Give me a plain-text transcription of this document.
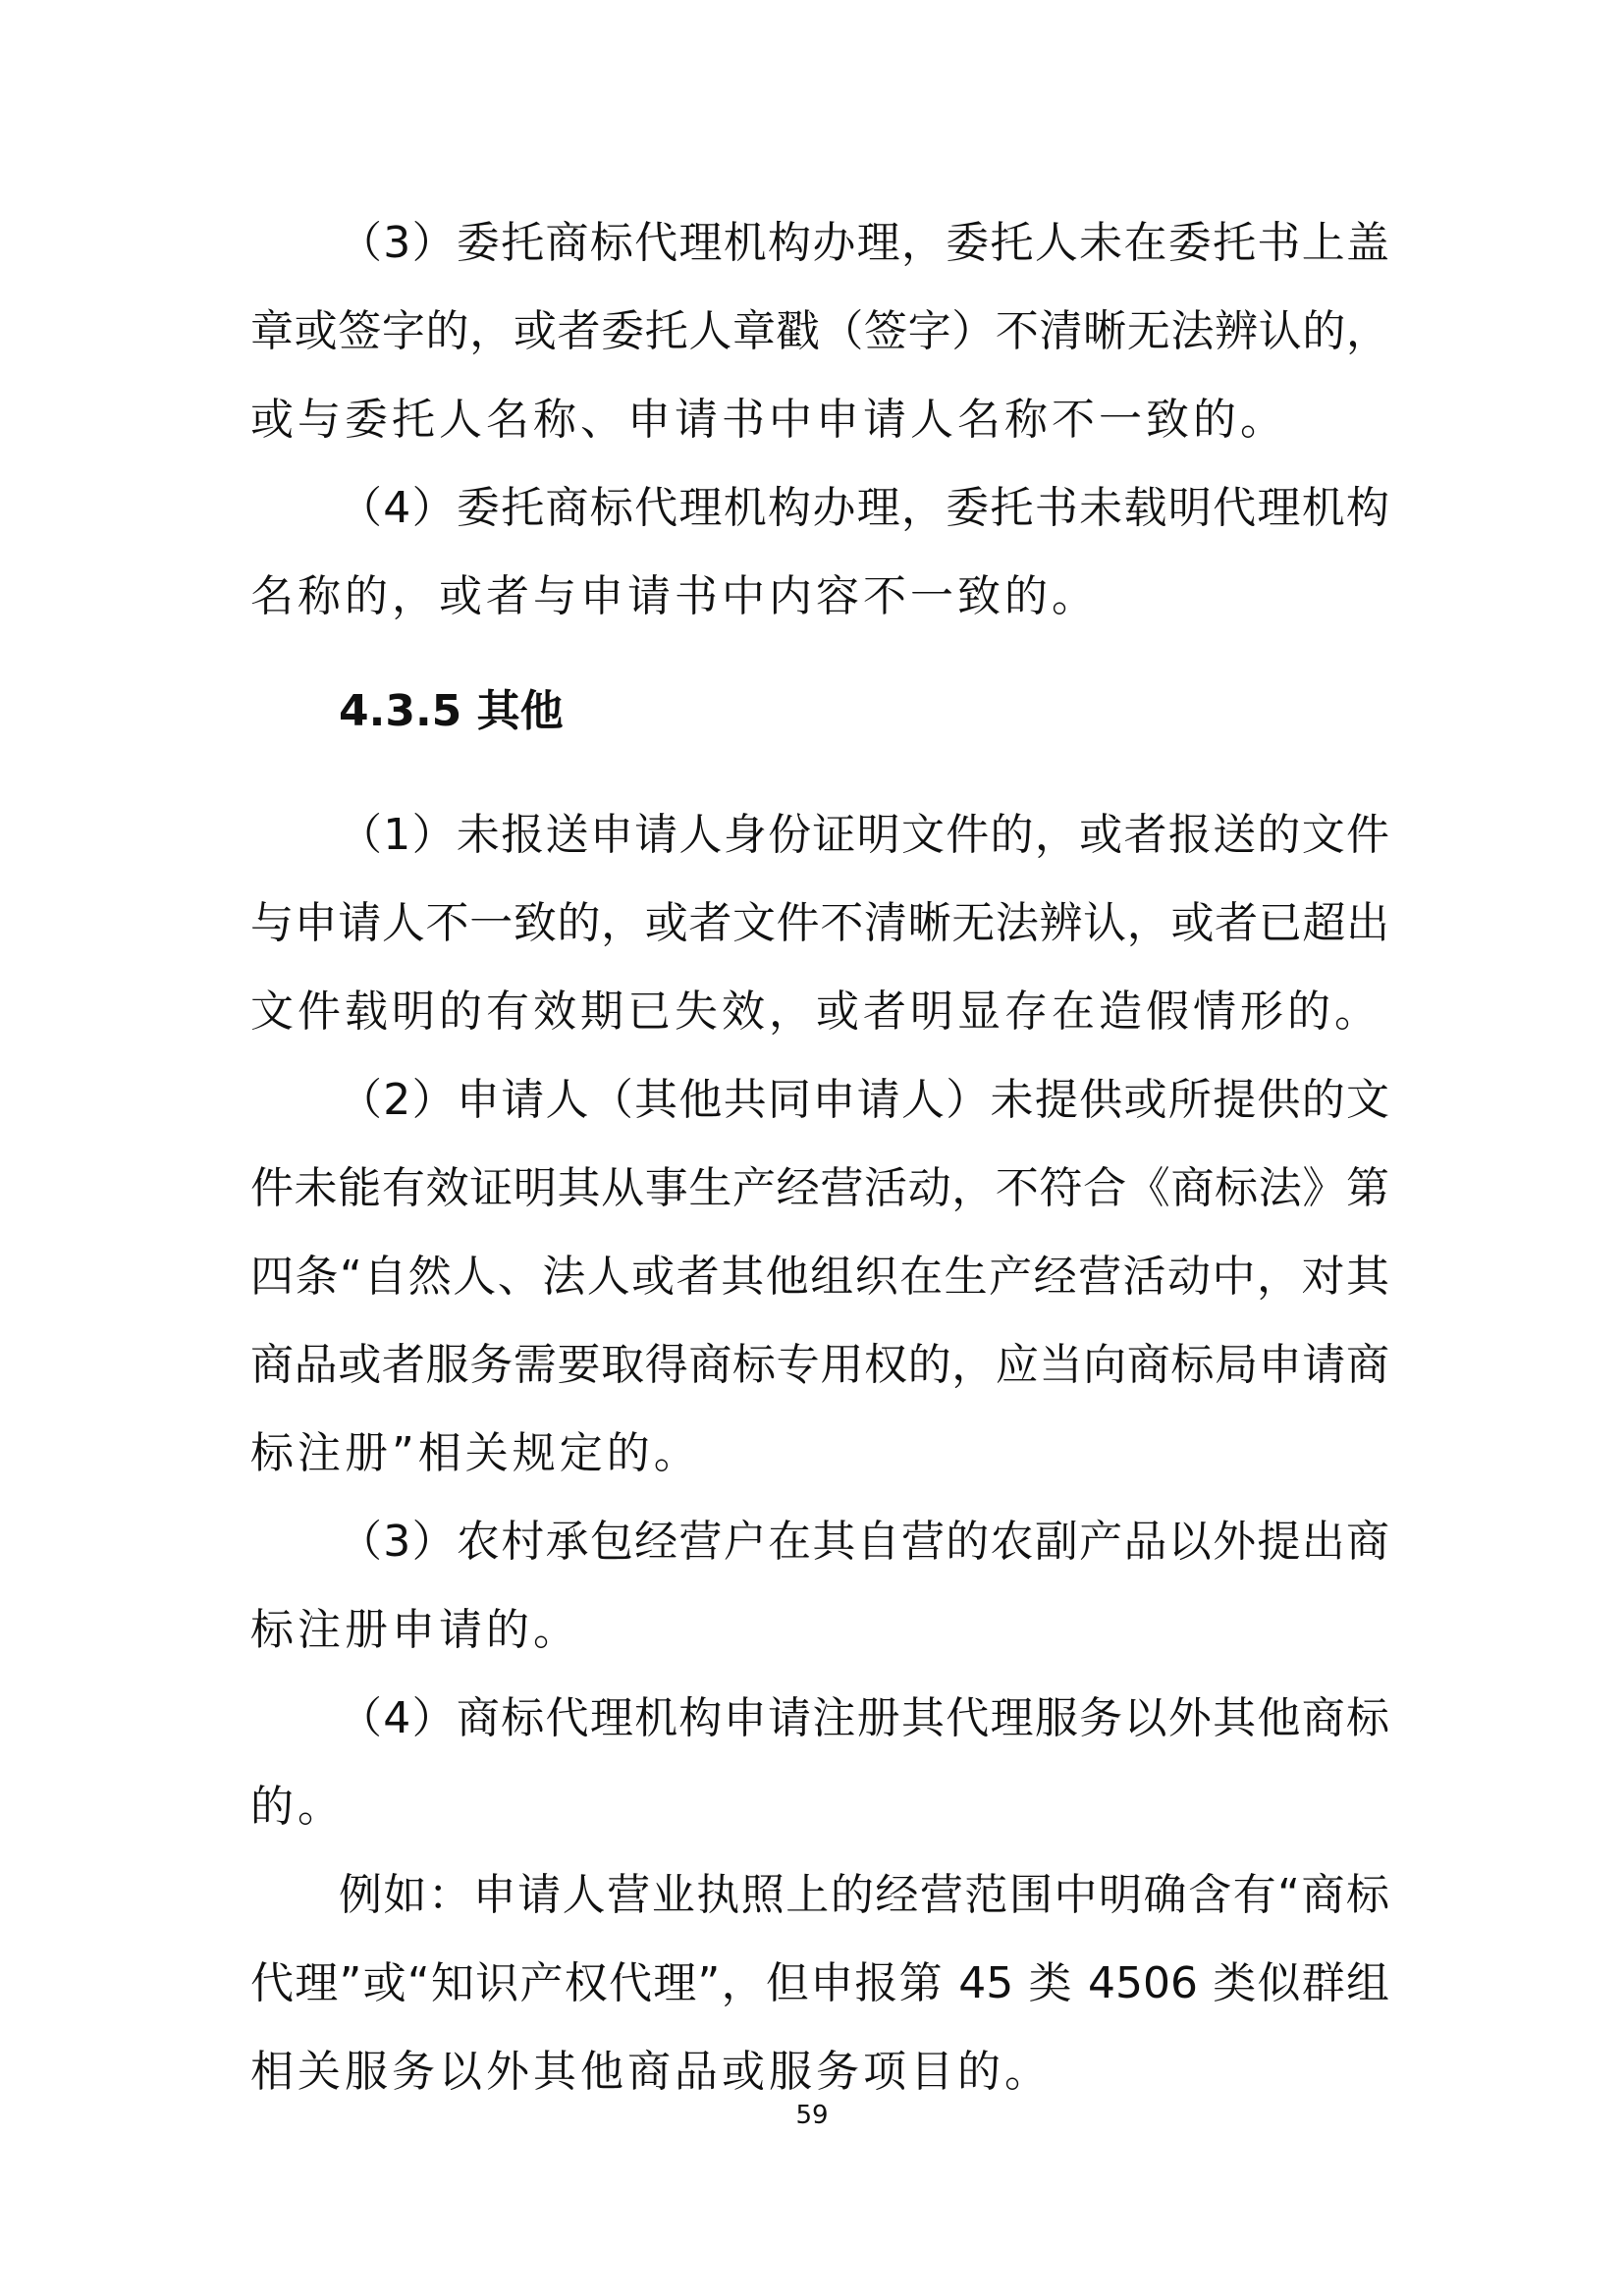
（3）委托商标代理机构办理，委托人未在委托书上盖
章或签字的，或者委托人章戳（签字）不清晰无法辨认的，
或与委托人名称、申请书中申请人名称不一致的。
（4）委托商标代理机构办理，委托书未载明代理机构
名称的，或者与申请书中内容不一致的。
4.3.5 其他
（1）未报送申请人身份证明文件的，或者报送的文件
与申请人不一致的，或者文件不清晰无法辨认，或者已超出
文件载明的有效期已失效，或者明显存在造假情形的。
（2）申请人（其他共同申请人）未提供或所提供的文
件未能有效证明其从事生产经营活动，不符合《商标法》第
四条“自然人、法人或者其他组织在生产经营活动中，对其
商品或者服务需要取得商标专用权的，应当向商标局申请商
标注册”相关规定的。
（3）农村承包经营户在其自营的农副产品以外提出商
标注册申请的。
（4）商标代理机构申请注册其代理服务以外其他商标
的。
例如：申请人营业执照上的经营范围中明确含有“商标
代理”或“知识产权代理”，但申报第 45 类 4506 类似群组
相关服务以外其他商品或服务项目的。
59
